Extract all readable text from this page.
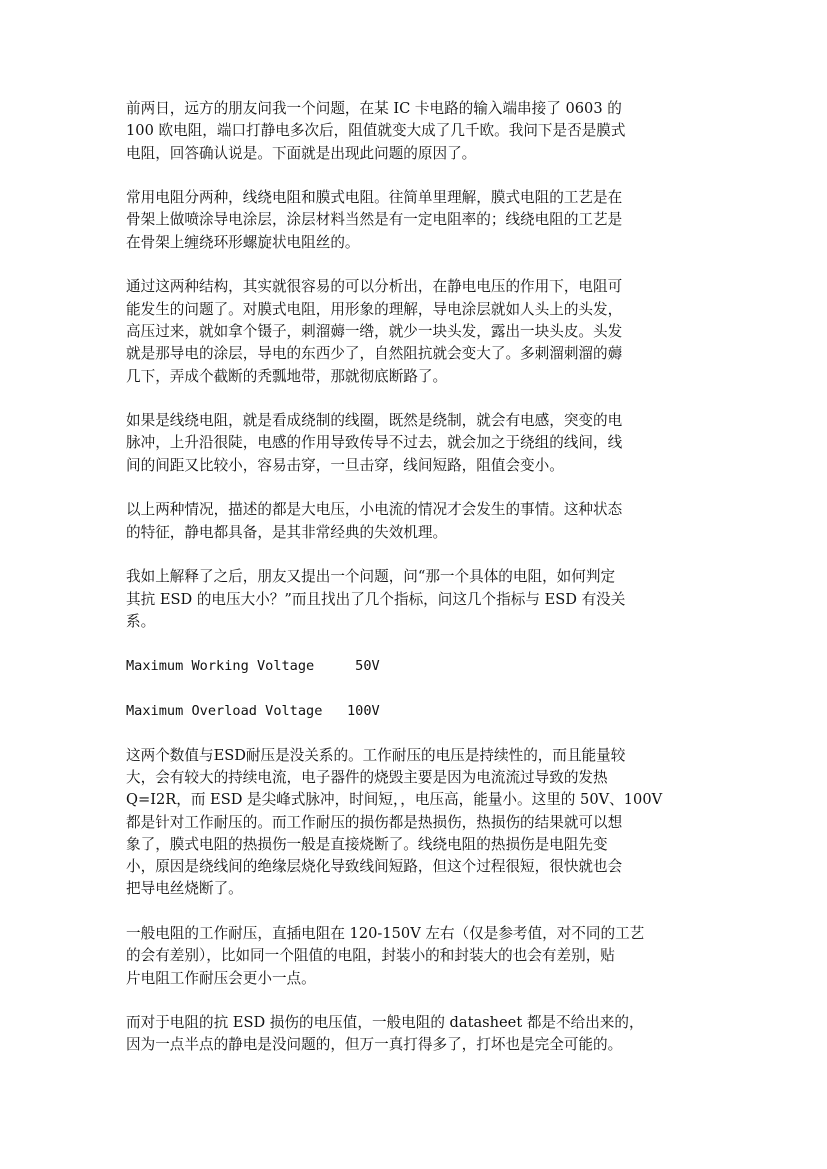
前两日，远方的朋友问我一个问题，在某 IC 卡电路的输入端串接了 0603 的
100 欧电阻，端口打静电多次后，阻值就变大成了几千欧。我问下是否是膜式
电阻，回答确认说是。下面就是出现此问题的原因了。

常用电阻分两种，线绕电阻和膜式电阻。往简单里理解，膜式电阻的工艺是在
骨架上做喷涂导电涂层，涂层材料当然是有一定电阻率的；线绕电阻的工艺是
在骨架上缠绕环形螺旋状电阻丝的。

通过这两种结构，其实就很容易的可以分析出，在静电电压的作用下，电阻可
能发生的问题了。对膜式电阻，用形象的理解，导电涂层就如人头上的头发，
高压过来，就如拿个镊子，刺溜薅一绺，就少一块头发，露出一块头皮。头发
就是那导电的涂层，导电的东西少了，自然阻抗就会变大了。多刺溜刺溜的薅
几下，弄成个截断的秃瓢地带，那就彻底断路了。

如果是线绕电阻，就是看成绕制的线圈，既然是绕制，就会有电感，突变的电
脉冲，上升沿很陡，电感的作用导致传导不过去，就会加之于绕组的线间，线
间的间距又比较小，容易击穿，一旦击穿，线间短路，阻值会变小。

以上两种情况，描述的都是大电压，小电流的情况才会发生的事情。这种状态
的特征，静电都具备，是其非常经典的失效机理。

我如上解释了之后，朋友又提出一个问题，问“那一个具体的电阻，如何判定
其抗 ESD 的电压大小？”而且找出了几个指标，问这几个指标与 ESD 有没关
系。

Maximum Working Voltage     50V

Maximum Overload Voltage   100V

这两个数值与ESD耐压是没关系的。工作耐压的电压是持续性的，而且能量较
大，会有较大的持续电流，电子器件的烧毁主要是因为电流流过导致的发热
Q=I2R，而 ESD 是尖峰式脉冲，时间短，，电压高，能量小。这里的 50V、100V
都是针对工作耐压的。而工作耐压的损伤都是热损伤，热损伤的结果就可以想
象了，膜式电阻的热损伤一般是直接烧断了。线绕电阻的热损伤是电阻先变
小，原因是绕线间的绝缘层烧化导致线间短路，但这个过程很短，很快就也会
把导电丝烧断了。

一般电阻的工作耐压，直插电阻在 120-150V 左右（仅是参考值，对不同的工艺
的会有差别），比如同一个阻值的电阻，封装小的和封装大的也会有差别，贴
片电阻工作耐压会更小一点。

而对于电阻的抗 ESD 损伤的电压值，一般电阻的 datasheet 都是不给出来的，
因为一点半点的静电是没问题的，但万一真打得多了，打坏也是完全可能的。
